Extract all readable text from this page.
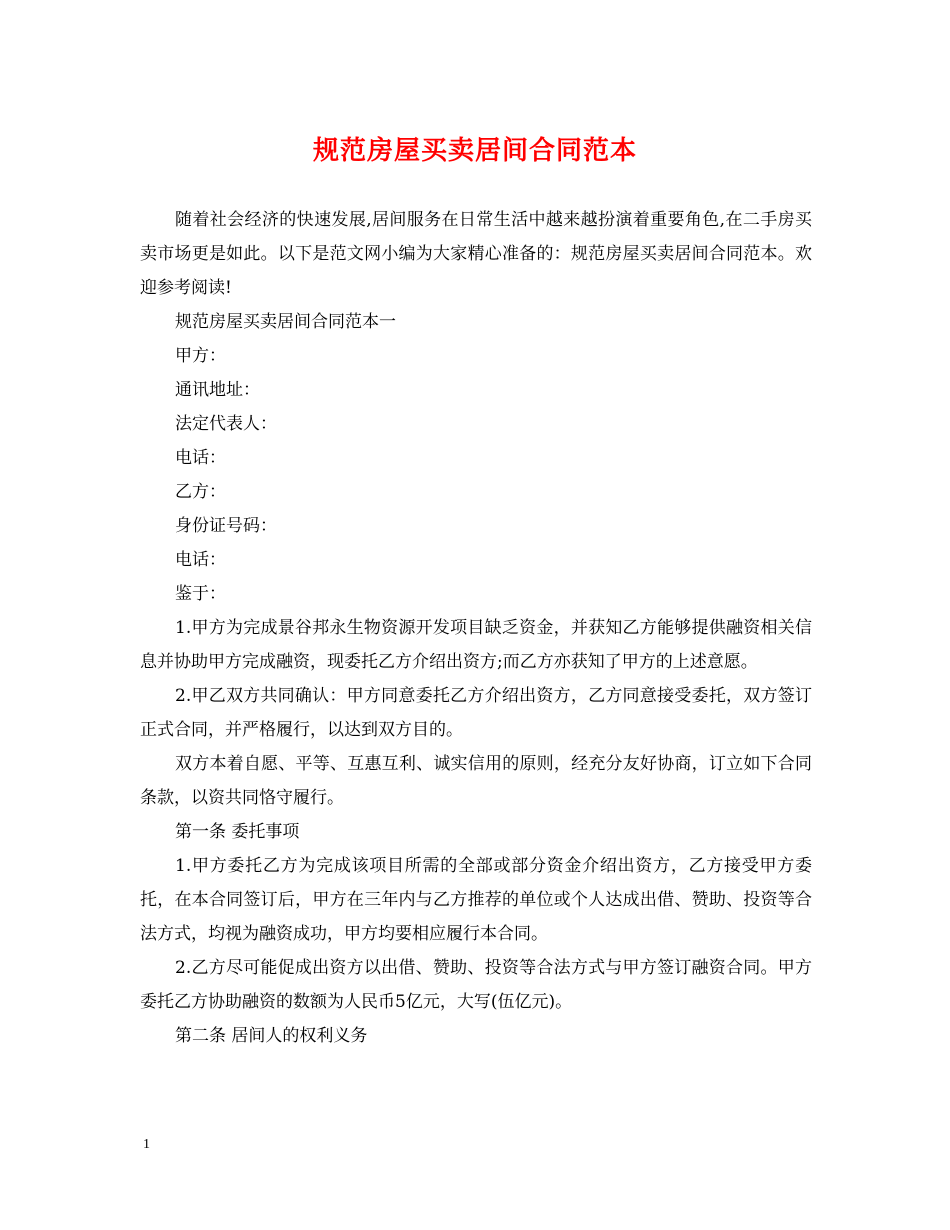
规范房屋买卖居间合同范本

随着社会经济的快速发展,居间服务在日常生活中越来越扮演着重要角色,在二手房买卖市场更是如此。以下是范文网小编为大家精心准备的：规范房屋买卖居间合同范本。欢迎参考阅读!

规范房屋买卖居间合同范本一

甲方：

通讯地址：

法定代表人：

电话：

乙方：

身份证号码：

电话：

鉴于：

1.甲方为完成景谷邦永生物资源开发项目缺乏资金，并获知乙方能够提供融资相关信息并协助甲方完成融资，现委托乙方介绍出资方;而乙方亦获知了甲方的上述意愿。

2.甲乙双方共同确认：甲方同意委托乙方介绍出资方，乙方同意接受委托，双方签订正式合同，并严格履行，以达到双方目的。

双方本着自愿、平等、互惠互利、诚实信用的原则，经充分友好协商，订立如下合同条款，以资共同恪守履行。

第一条 委托事项

1.甲方委托乙方为完成该项目所需的全部或部分资金介绍出资方，乙方接受甲方委托，在本合同签订后，甲方在三年内与乙方推荐的单位或个人达成出借、赞助、投资等合法方式，均视为融资成功，甲方均要相应履行本合同。

2.乙方尽可能促成出资方以出借、赞助、投资等合法方式与甲方签订融资合同。甲方委托乙方协助融资的数额为人民币5亿元，大写(伍亿元)。

第二条 居间人的权利义务

1
